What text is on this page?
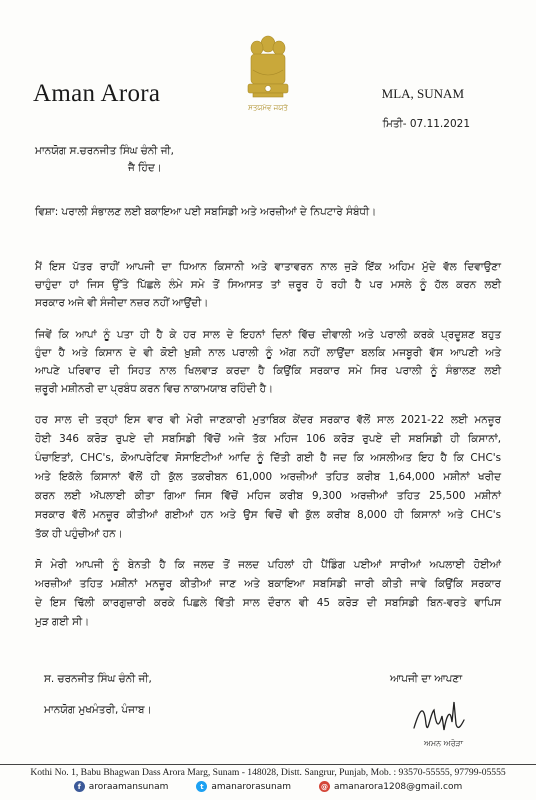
ਸਤਯਮੇਵ ਜਯਤੇ
Aman Arora	MLA, SUNAM
ਮਿਤੀ- 07.11.2021
ਮਾਨਯੋਗ ਸ.ਚਰਨਜੀਤ ਸਿੰਘ ਚੰਨੀ ਜੀ,
ਜੈ ਹਿੰਦ।
ਵਿਸ਼ਾ: ਪਰਾਲੀ ਸੰਭਾਲਣ ਲਈ ਬਕਾਇਆ ਪਈ ਸਬਸਿਡੀ ਅਤੇ ਅਰਜ਼ੀਆਂ ਦੇ ਨਿਪਟਾਰੇ ਸੰਬੰਧੀ।
ਮੈਂ ਇਸ ਪੱਤਰ ਰਾਹੀਂ ਆਪਜੀ ਦਾ ਧਿਆਨ ਕਿਸਾਨੀ ਅਤੇ ਵਾਤਾਵਰਨ ਨਾਲ ਜੁੜੇ ਇੱਕ ਅਹਿਮ ਮੁੱਦੇ ਵੱਲ ਦਿਵਾਉਣਾ
ਚਾਹੁੰਦਾ ਹਾਂ ਜਿਸ ਉੱਤੇ ਪਿੱਛਲੇ ਲੰਮੇ ਸਮੇ ਤੋਂ ਸਿਆਸਤ ਤਾਂ ਜ਼ਰੂਰ ਹੋ ਰਹੀ ਹੈ ਪਰ ਮਸਲੇ ਨੂੰ ਹੱਲ ਕਰਨ ਲਈ
ਸਰਕਾਰ ਅਜੇ ਵੀ ਸੰਜੀਦਾ ਨਜ਼ਰ ਨਹੀਂ ਆਉਂਦੀ।
ਜਿਵੇਂ ਕਿ ਆਪਾਂ ਨੂੰ ਪਤਾ ਹੀ ਹੈ ਕੇ ਹਰ ਸਾਲ ਦੇ ਇਹਨਾਂ ਦਿਨਾਂ ਵਿੱਚ ਦੀਵਾਲੀ ਅਤੇ ਪਰਾਲੀ ਕਰਕੇ ਪ੍ਰਦੂਸ਼ਣ ਬਹੁਤ
ਹੁੰਦਾ ਹੈ ਅਤੇ ਕਿਸਾਨ ਦੇ ਵੀ ਕੋਈ ਖ਼ੁਸ਼ੀ ਨਾਲ ਪਰਾਲੀ ਨੂੰ ਅੱਗ ਨਹੀਂ ਲਾਉਂਦਾ ਬਲਕਿ ਮਜਬੂਰੀ ਵੱਸ ਆਪਣੀ ਅਤੇ
ਆਪਣੇ ਪਰਿਵਾਰ ਦੀ ਸਿਹਤ ਨਾਲ ਖਿਲਵਾੜ ਕਰਦਾ ਹੈ ਕਿਉਂਕਿ ਸਰਕਾਰ ਸਮੇ ਸਿਰ ਪਰਾਲੀ ਨੂੰ ਸੰਭਾਲਣ ਲਈ
ਜ਼ਰੂਰੀ ਮਸ਼ੀਨਰੀ ਦਾ ਪ੍ਰਬੰਧ ਕਰਨ ਵਿਚ ਨਾਕਾਮਯਾਬ ਰਹਿੰਦੀ ਹੈ।
ਹਰ ਸਾਲ ਦੀ ਤਰ੍ਹਾਂ ਇਸ ਵਾਰ ਵੀ ਮੇਰੀ ਜਾਣਕਾਰੀ ਮੁਤਾਬਿਕ ਕੇਂਦਰ ਸਰਕਾਰ ਵੱਲੋਂ ਸਾਲ 2021-22 ਲਈ ਮਨਜ਼ੂਰ
ਹੋਈ 346 ਕਰੋੜ ਰੁਪਏ ਦੀ ਸਬਸਿਡੀ ਵਿੱਚੋਂ ਅਜੇ ਤੱਕ ਮਹਿਜ 106 ਕਰੋੜ ਰੁਪਏ ਦੀ ਸਬਸਿਡੀ ਹੀ ਕਿਸਾਨਾਂ,
ਪੰਚਾਇਤਾਂ, CHC's, ਕੋਆਪਰੇਟਿਵ ਸੋਸਾਇਟੀਆਂ ਆਦਿ ਨੂੰ ਦਿੱਤੀ ਗਈ ਹੈ ਜਦ ਕਿ ਅਸਲੀਅਤ ਇਹ ਹੈ ਕਿ CHC's
ਅਤੇ ਇਕੱਲੇ ਕਿਸਾਨਾਂ ਵੱਲੋਂ ਹੀ ਕੁੱਲ ਤਕਰੀਬਨ 61,000 ਅਰਜ਼ੀਆਂ ਤਹਿਤ ਕਰੀਬ 1,64,000 ਮਸ਼ੀਨਾਂ ਖਰੀਦ
ਕਰਨ ਲਈ ਅੱਪਲਾਈ ਕੀਤਾ ਗਿਆ ਜਿਸ ਵਿੱਚੋਂ ਮਹਿਜ ਕਰੀਬ 9,300 ਅਰਜ਼ੀਆਂ ਤਹਿਤ 25,500 ਮਸ਼ੀਨਾਂ
ਸਰਕਾਰ ਵੱਲੋਂ ਮਨਜ਼ੂਰ ਕੀਤੀਆਂ ਗਈਆਂ ਹਨ ਅਤੇ ਉਸ ਵਿਚੋਂ ਵੀ ਕੁੱਲ ਕਰੀਬ 8,000 ਹੀ ਕਿਸਾਨਾਂ ਅਤੇ CHC's
ਤੱਕ ਹੀ ਪਹੁੰਚੀਆਂ ਹਨ।
ਸੋ ਮੇਰੀ ਆਪਜੀ ਨੂੰ ਬੇਨਤੀ ਹੈ ਕਿ ਜਲਦ ਤੋਂ ਜਲਦ ਪਹਿਲਾਂ ਹੀ ਪੈਂਡਿੰਗ ਪਈਆਂ ਸਾਰੀਆਂ ਅਪਲਾਈ ਹੋਈਆਂ
ਅਰਜ਼ੀਆਂ ਤਹਿਤ ਮਸ਼ੀਨਾਂ ਮਨਜ਼ੂਰ ਕੀਤੀਆਂ ਜਾਣ ਅਤੇ ਬਕਾਇਆ ਸਬਸਿਡੀ ਜਾਰੀ ਕੀਤੀ ਜਾਵੇ ਕਿਉਂਕਿ ਸਰਕਾਰ
ਦੇ ਇਸ ਢਿੱਲੀ ਕਾਰਗੁਜ਼ਾਰੀ ਕਰਕੇ ਪਿਛਲੇ ਵਿੱਤੀ ਸਾਲ ਦੌਰਾਨ ਵੀ 45 ਕਰੋੜ ਦੀ ਸਬਸਿਡੀ ਬਿਨ-ਵਰਤੇ ਵਾਪਿਸ
ਮੁੜ ਗਈ ਸੀ।
ਸ. ਚਰਨਜੀਤ ਸਿੰਘ ਚੰਨੀ ਜੀ,
ਮਾਨਯੋਗ ਮੁਖਮੰਤਰੀ, ਪੰਜਾਬ।
ਆਪਜੀ ਦਾ ਆਪਣਾ
ਅਮਨ ਅਰੋੜਾ
Kothi No. 1, Babu Bhagwan Dass Arora Marg, Sunam - 148028, Distt. Sangrur, Punjab, Mob. : 93570-55555, 97799-05555
f aroraamansunam	t amanarorasunam	@ amanarora1208@gmail.com
